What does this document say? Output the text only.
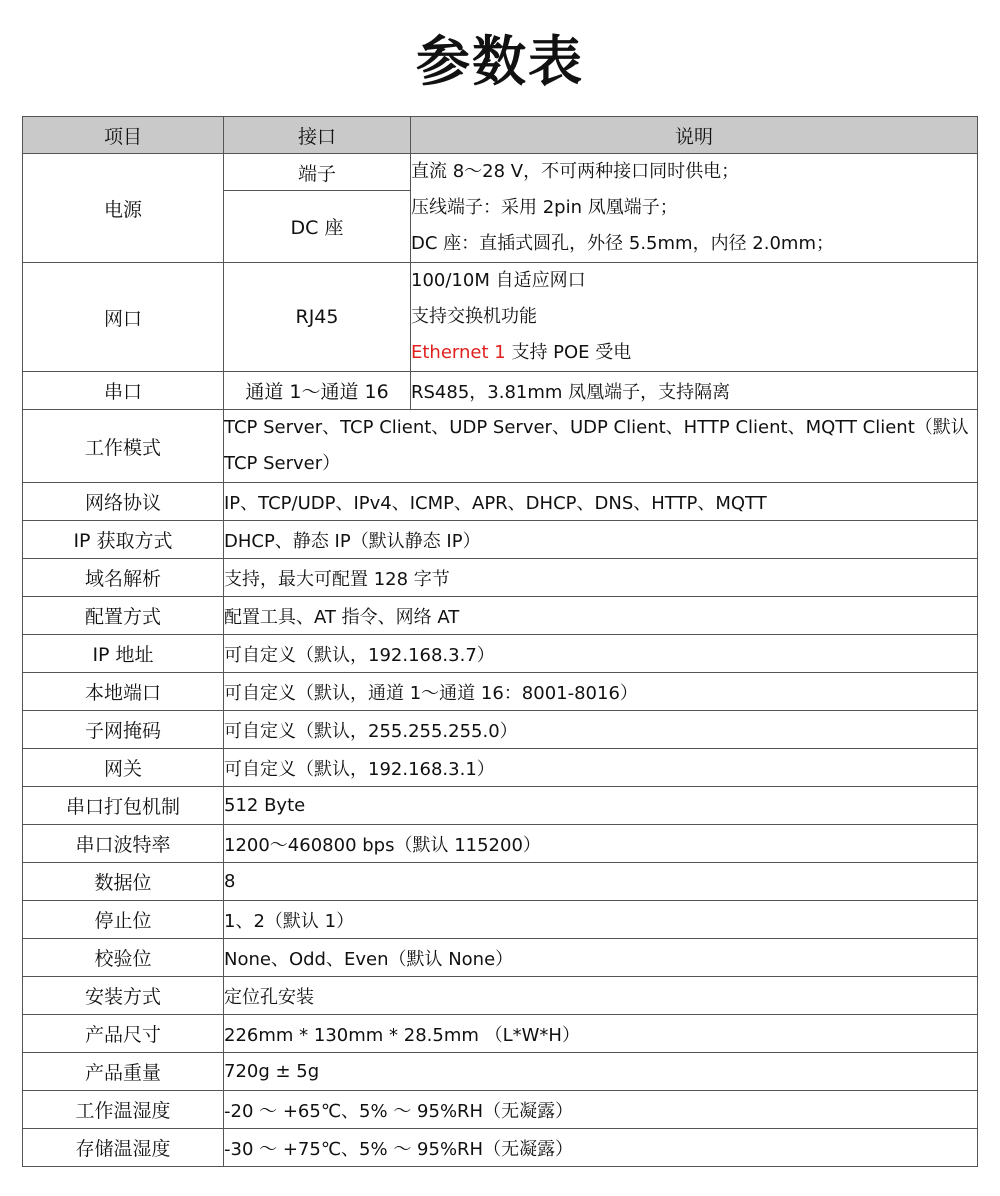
参数表
项目	接口	说明
电源	端子	直流 8～28 V，不可两种接口同时供电；
压线端子：采用 2pin 凤凰端子；
DC 座：直插式圆孔，外径 5.5mm，内径 2.0mm；

	DC 座	
网口	RJ45	100/10M 自适应网口
支持交换机功能
Ethernet 1 支持 POE 受电

串口	通道 1～通道 16	RS485，3.81mm 凤凰端子，支持隔离
工作模式	TCP Server、TCP Client、UDP Server、UDP Client、HTTP Client、MQTT Client（默认
TCP Server）	

网络协议	IP、TCP/UDP、IPv4、ICMP、APR、DHCP、DNS、HTTP、MQTT	
IP 获取方式	DHCP、静态 IP（默认静态 IP）	
域名解析	支持，最大可配置 128 字节	
配置方式	配置工具、AT 指令、网络 AT	
IP 地址	可自定义（默认，192.168.3.7）	
本地端口	可自定义（默认，通道 1～通道 16：8001-8016）	
子网掩码	可自定义（默认，255.255.255.0）	
网关	可自定义（默认，192.168.3.1）	
串口打包机制	512 Byte	
串口波特率	1200～460800 bps（默认 115200）	
数据位	8	
停止位	1、2（默认 1）	
校验位	None、Odd、Even（默认 None）	
安装方式	定位孔安装	
产品尺寸	226mm * 130mm * 28.5mm （L*W*H）	
产品重量	720g ± 5g	
工作温湿度	-20 ～ +65℃、5% ～ 95%RH（无凝露）	
存储温湿度	-30 ～ +75℃、5% ～ 95%RH（无凝露）	
